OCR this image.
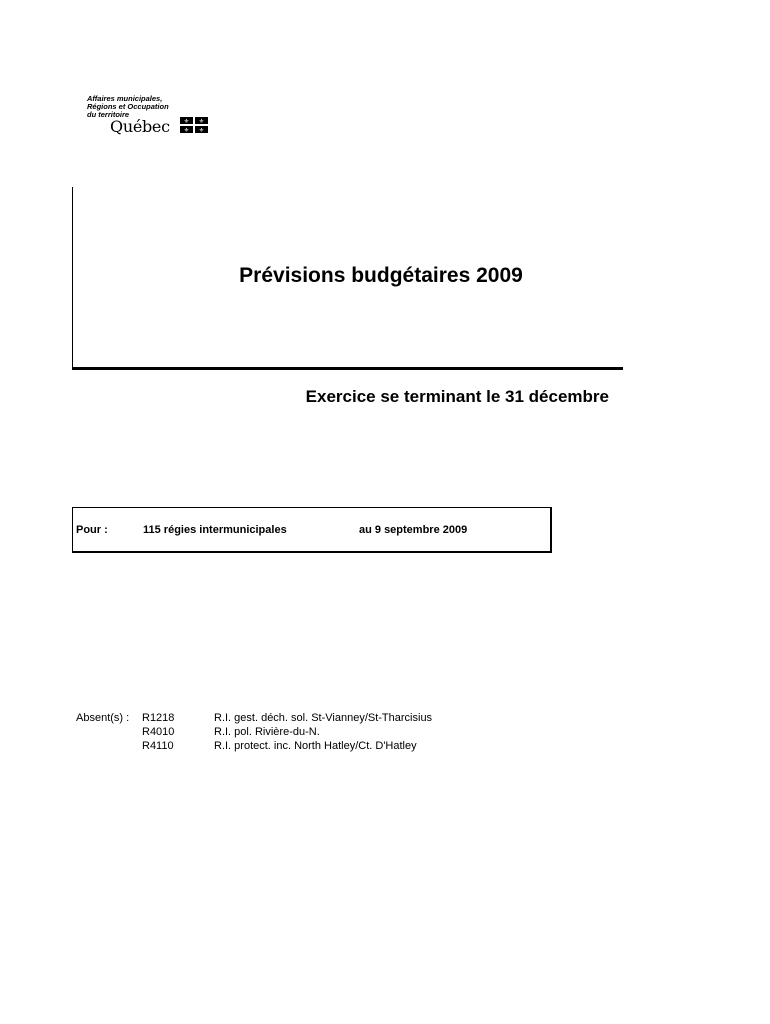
Affaires municipales,
Régions et Occupation
du territoire
Québec ⚜ ⚜
⚜ ⚜
Prévisions budgétaires 2009
Exercice se terminant le 31 décembre
Pour :	115 régies intermunicipales	au 9 septembre 2009
Absent(s) : R1218
R4010
R4110
R.I. gest. déch. sol. St-Vianney/St-Tharcisius
R.I. pol. Rivière-du-N.
R.I. protect. inc. North Hatley/Ct. D'Hatley
